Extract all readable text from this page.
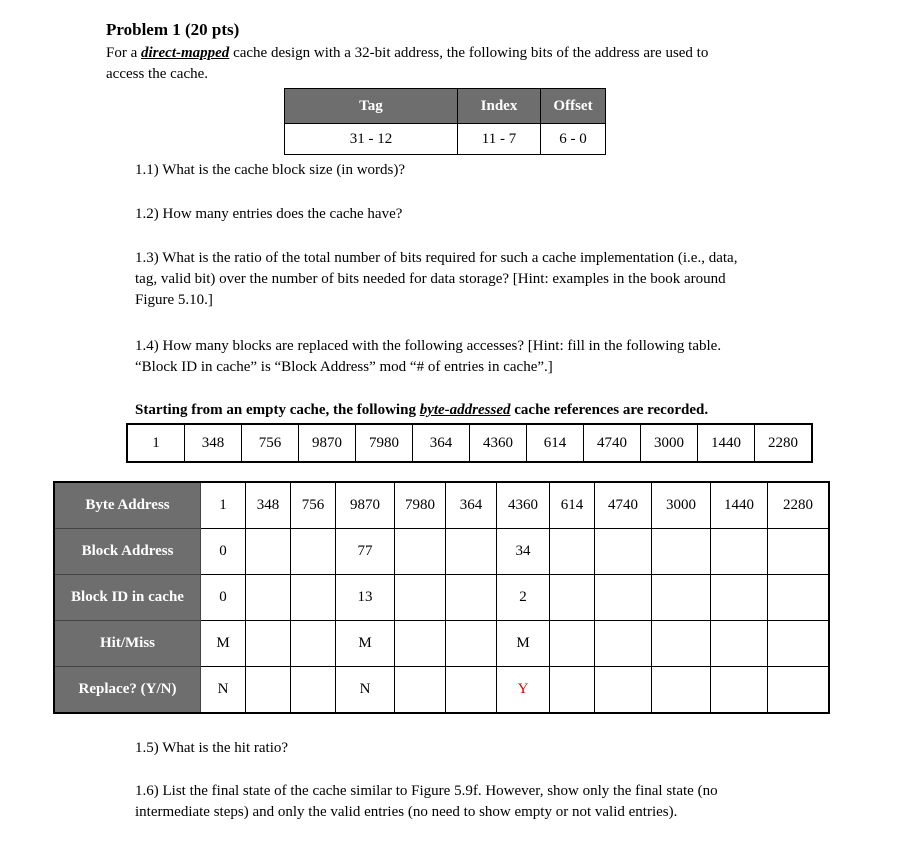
Problem 1 (20 pts)
For a direct-mapped cache design with a 32-bit address, the following bits of the address are used to
access the cache.
Tag	Index	Offset
31 - 12	11 - 7	6 - 0
1.1) What is the cache block size (in words)?
1.2) How many entries does the cache have?
1.3) What is the ratio of the total number of bits required for such a cache implementation (i.e., data,
tag, valid bit) over the number of bits needed for data storage? [Hint: examples in the book around
Figure 5.10.]
1.4) How many blocks are replaced with the following accesses? [Hint: fill in the following table.
“Block ID in cache” is “Block Address” mod “# of entries in cache”.]
Starting from an empty cache, the following byte-addressed cache references are recorded.
1	348	756	9870	7980	364	4360	614	4740	3000	1440	2280
Byte Address	1	348	756	9870	7980	364	4360	614	4740	3000	1440	2280
Block Address	0			77			34					
Block ID in cache	0			13			2					
Hit/Miss	M			M			M					
Replace? (Y/N)	N			N			Y					
1.5) What is the hit ratio?
1.6) List the final state of the cache similar to Figure 5.9f. However, show only the final state (no
intermediate steps) and only the valid entries (no need to show empty or not valid entries).
